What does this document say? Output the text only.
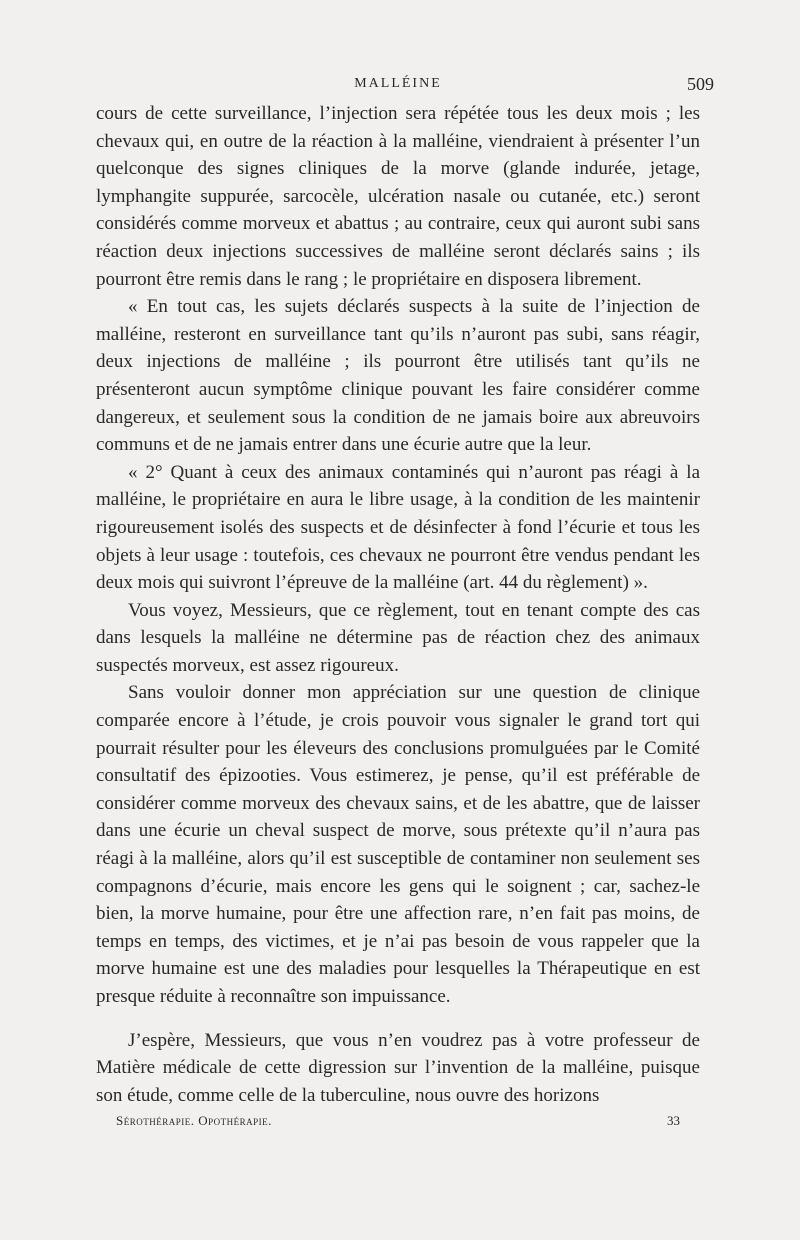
MALLÉINE	509

cours de cette surveillance, l’injection sera répétée tous les deux mois ; les chevaux qui, en outre de la réaction à la malléine, viendraient à présenter l’un quelconque des signes cliniques de la morve (glande indurée, jetage, lymphangite suppurée, sarcocèle, ulcération nasale ou cutanée, etc.) seront considérés comme morveux et abattus ; au contraire, ceux qui auront subi sans réaction deux injections successives de malléine seront déclarés sains ; ils pourront être remis dans le rang ; le propriétaire en disposera librement.

« En tout cas, les sujets déclarés suspects à la suite de l’injection de malléine, resteront en surveillance tant qu’ils n’auront pas subi, sans réagir, deux injections de malléine ; ils pourront être utilisés tant qu’ils ne présenteront aucun symptôme clinique pouvant les faire considérer comme dangereux, et seulement sous la condition de ne jamais boire aux abreuvoirs communs et de ne jamais entrer dans une écurie autre que la leur.

« 2° Quant à ceux des animaux contaminés qui n’auront pas réagi à la malléine, le propriétaire en aura le libre usage, à la condition de les maintenir rigoureusement isolés des suspects et de désinfecter à fond l’écurie et tous les objets à leur usage : toutefois, ces chevaux ne pourront être vendus pendant les deux mois qui suivront l’épreuve de la malléine (art. 44 du règlement) ».

Vous voyez, Messieurs, que ce règlement, tout en tenant compte des cas dans lesquels la malléine ne détermine pas de réaction chez des animaux suspectés morveux, est assez rigoureux.

Sans vouloir donner mon appréciation sur une question de clinique comparée encore à l’étude, je crois pouvoir vous signaler le grand tort qui pourrait résulter pour les éleveurs des conclusions promulguées par le Comité consultatif des épizooties. Vous estimerez, je pense, qu’il est préférable de considérer comme morveux des chevaux sains, et de les abattre, que de laisser dans une écurie un cheval suspect de morve, sous prétexte qu’il n’aura pas réagi à la malléine, alors qu’il est susceptible de contaminer non seulement ses compagnons d’écurie, mais encore les gens qui le soignent ; car, sachez-le bien, la morve humaine, pour être une affection rare, n’en fait pas moins, de temps en temps, des victimes, et je n’ai pas besoin de vous rappeler que la morve humaine est une des maladies pour lesquelles la Thérapeutique en est presque réduite à reconnaître son impuissance.

J’espère, Messieurs, que vous n’en voudrez pas à votre professeur de Matière médicale de cette digression sur l’invention de la malléine, puisque son étude, comme celle de la tuberculine, nous ouvre des horizons

Sérothérapie. Opothérapie.	33
